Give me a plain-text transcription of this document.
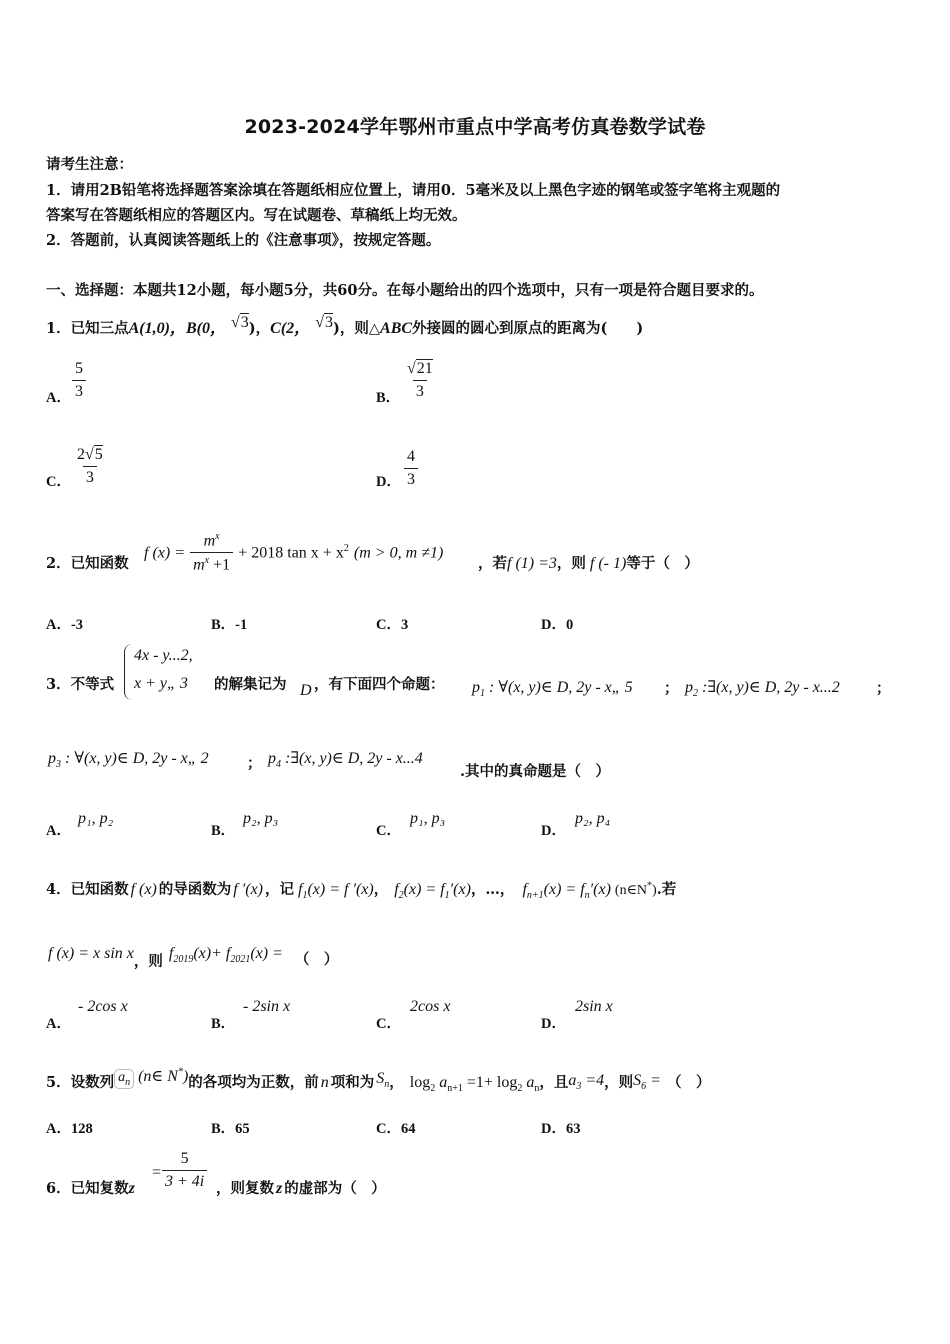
2023-2024学年鄂州市重点中学高考仿真卷数学试卷
请考生注意：
1．请用2B铅笔将选择题答案涂填在答题纸相应位置上，请用0．5毫米及以上黑色字迹的钢笔或签字笔将主观题的
答案写在答题纸相应的答题区内。写在试题卷、草稿纸上均无效。
2．答题前，认真阅读答题纸上的《注意事项》，按规定答题。
一、选择题：本题共12小题，每小题5分，共60分。在每小题给出的四个选项中，只有一项是符合题目要求的。
1．已知三点A(1,0)，B(0， √3)，C(2， √3)，则△ABC外接圆的圆心到原点的距离为(　　)
A． $\frac{5}{3}$	B． $\frac{√21}{3}$
C． $\frac{2√5}{3}$	D． $\frac{4}{3}$
2．已知函数
f $(x) = \frac{m^x}{m^x +1} + 2018$ $\tan x + x^2$ (m > 0, m ≠1)
，若f (1) =3，则 f (- 1)等于（　）
A．-3	B．-1	C．3	D．0
3．不等式
4x - y...2,
x + y„ 3 的解集记为 D ，有下面四个命题： $p_1$ : ∀(x, y)∈ D, 2y - x„ 5 ； $p_2$ :∃(x, y)∈ D, 2y - x...2 ；
$p_3$ : ∀(x, y)∈ D, 2y - x„ 2	； $p_4$ :∃(x, y)∈ D, 2y - x...4
.其中的真命题是（　）
A．
p₁, p₂
B．
p₂, p₃
C．
p₁, p₃
D．
p₂, p₄
4．已知函数 f (x) 的导函数为 f ′(x) ，记 $f_1(x) = f$ ′(x)， $f_2(x) = f_1'(x)$，…， $f_{n+1}(x) = f_n'(x)$ (n∈N*).若
f (x) = x sin x，则 $f_{2019}(x)+ f_{2021}(x)$ = （　）
A．
- 2cos x
B．
- 2sin x
C．
2cos x
D．
2sin x
5．设数列 $a_n$ (n∈ N*)的各项均为正数，前 n 项和为 $S_n$， $\log_2 a_{n+1} =1+ \log_2 a_n$，且$a_3 =4$，则$S_6$ = （　）
A．128	B．65	C．64	D．63
6．已知复数z
= $\frac{5}{3 + 4i}$ ，则复数 z 的虚部为（　）
